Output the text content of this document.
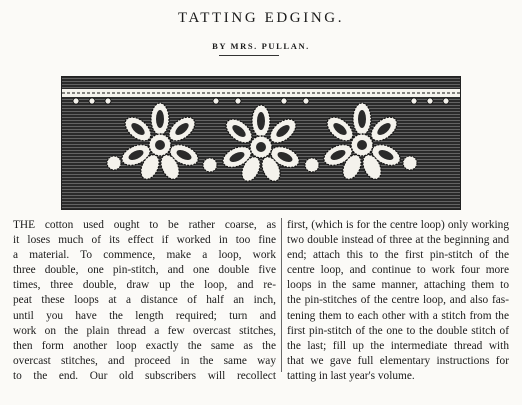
TATTING EDGING.
BY MRS. PULLAN.
THE cotton used ought to be rather coarse, as
it loses much of its effect if worked in too fine
a material. To commence, make a loop, work
three double, one pin-stitch, and one double five
times, three double, draw up the loop, and re-
peat these loops at a distance of half an inch,
until you have the length required; turn and
work on the plain thread a few overcast stitches,
then form another loop exactly the same as the
overcast stitches, and proceed in the same way
to the end. Our old subscribers will recollect
first, (which is for the centre loop) only working
two double instead of three at the beginning and
end; attach this to the first pin-stitch of the
centre loop, and continue to work four more
loops in the same manner, attaching them to
the pin-stitches of the centre loop, and also fas-
tening them to each other with a stitch from the
first pin-stitch of the one to the double stitch of
the last; fill up the intermediate thread with
that we gave full elementary instructions for
tatting in last year's volume.
